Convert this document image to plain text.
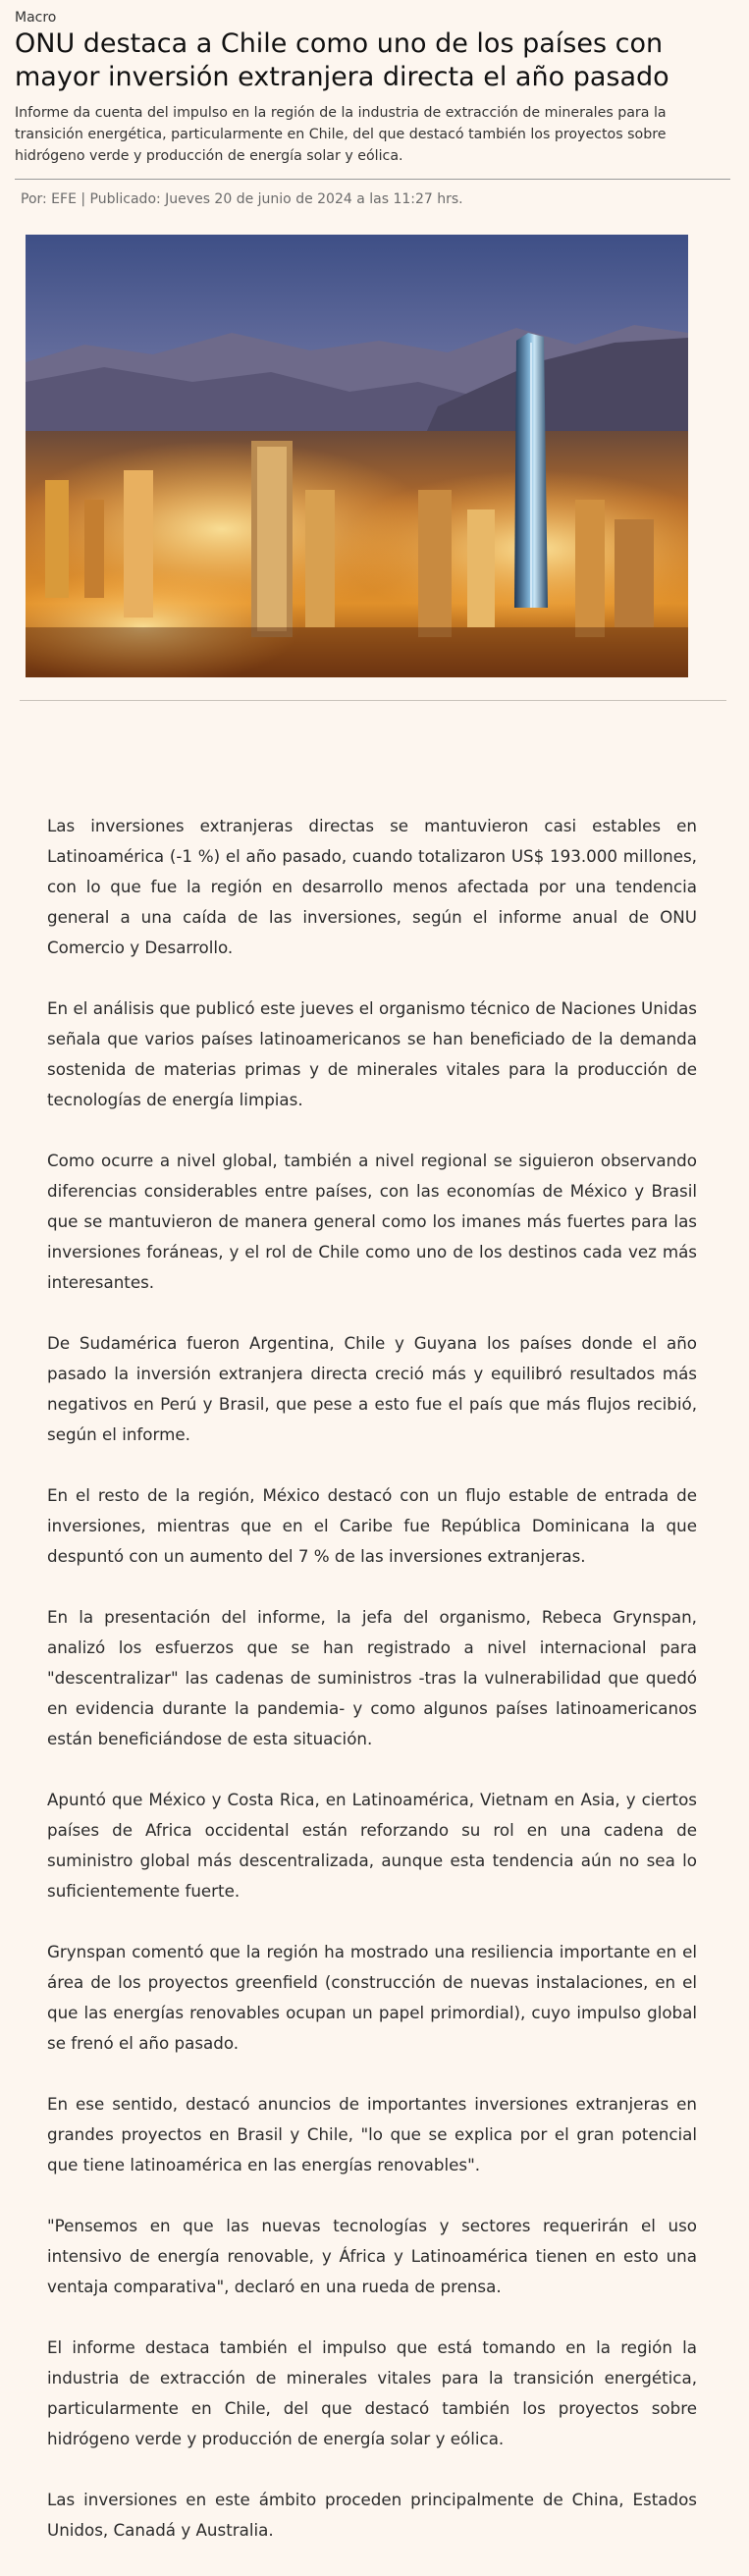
Macro
ONU destaca a Chile como uno de los países con mayor inversión extranjera directa el año pasado

Informe da cuenta del impulso en la región de la industria de extracción de minerales para la transición energética, particularmente en Chile, del que destacó también los proyectos sobre hidrógeno verde y producción de energía solar y eólica.

Por: EFE | Publicado: Jueves 20 de junio de 2024 a las 11:27 hrs.

Las inversiones extranjeras directas se mantuvieron casi estables en Latinoamérica (-1 %) el año pasado, cuando totalizaron US$ 193.000 millones, con lo que fue la región en desarrollo menos afectada por una tendencia general a una caída de las inversiones, según el informe anual de ONU Comercio y Desarrollo.

En el análisis que publicó este jueves el organismo técnico de Naciones Unidas señala que varios países latinoamericanos se han beneficiado de la demanda sostenida de materias primas y de minerales vitales para la producción de tecnologías de energía limpias.

Como ocurre a nivel global, también a nivel regional se siguieron observando diferencias considerables entre países, con las economías de México y Brasil que se mantuvieron de manera general como los imanes más fuertes para las inversiones foráneas, y el rol de Chile como uno de los destinos cada vez más interesantes.

De Sudamérica fueron Argentina, Chile y Guyana los países donde el año pasado la inversión extranjera directa creció más y equilibró resultados más negativos en Perú y Brasil, que pese a esto fue el país que más flujos recibió, según el informe.

En el resto de la región, México destacó con un flujo estable de entrada de inversiones, mientras que en el Caribe fue República Dominicana la que despuntó con un aumento del 7 % de las inversiones extranjeras.

En la presentación del informe, la jefa del organismo, Rebeca Grynspan, analizó los esfuerzos que se han registrado a nivel internacional para "descentralizar" las cadenas de suministros -tras la vulnerabilidad que quedó en evidencia durante la pandemia- y como algunos países latinoamericanos están beneficiándose de esta situación.

Apuntó que México y Costa Rica, en Latinoamérica, Vietnam en Asia, y ciertos países de Africa occidental están reforzando su rol en una cadena de suministro global más descentralizada, aunque esta tendencia aún no sea lo suficientemente fuerte.

Grynspan comentó que la región ha mostrado una resiliencia importante en el área de los proyectos greenfield (construcción de nuevas instalaciones, en el que las energías renovables ocupan un papel primordial), cuyo impulso global se frenó el año pasado.

En ese sentido, destacó anuncios de importantes inversiones extranjeras en grandes proyectos en Brasil y Chile, "lo que se explica por el gran potencial que tiene latinoamérica en las energías renovables".

"Pensemos en que las nuevas tecnologías y sectores requerirán el uso intensivo de energía renovable, y África y Latinoamérica tienen en esto una ventaja comparativa", declaró en una rueda de prensa.

El informe destaca también el impulso que está tomando en la región la industria de extracción de minerales vitales para la transición energética, particularmente en Chile, del que destacó también los proyectos sobre hidrógeno verde y producción de energía solar y eólica.

Las inversiones en este ámbito proceden principalmente de China, Estados Unidos, Canadá y Australia.
